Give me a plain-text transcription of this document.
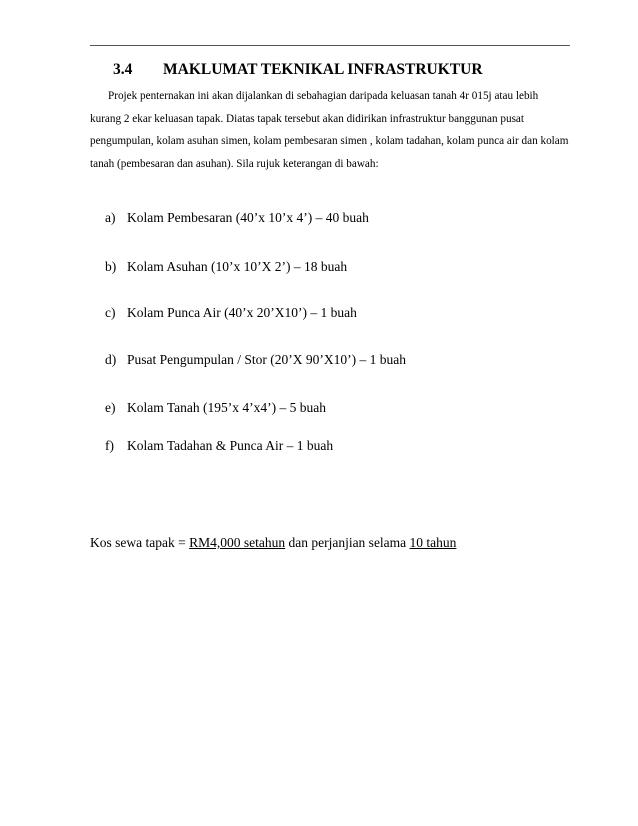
3.4 MAKLUMAT TEKNIKAL INFRASTRUKTUR

Projek penternakan ini akan dijalankan di sebahagian daripada keluasan tanah 4r 015j atau lebih kurang 2 ekar keluasan tapak. Diatas tapak tersebut akan didirikan infrastruktur banggunan pusat pengumpulan, kolam asuhan simen, kolam pembesaran simen , kolam tadahan, kolam punca air dan kolam tanah (pembesaran dan asuhan). Sila rujuk keterangan di bawah:

a) Kolam Pembesaran (40’x 10’x 4’) – 40 buah
b) Kolam Asuhan (10’x 10’X 2’) – 18 buah
c) Kolam Punca Air (40’x 20’X10’) – 1 buah
d) Pusat Pengumpulan / Stor (20’X 90’X10’) – 1 buah
e) Kolam Tanah (195’x 4’x4’) – 5 buah
f) Kolam Tadahan & Punca Air – 1 buah
Kos sewa tapak = RM4,000 setahun dan perjanjian selama 10 tahun
